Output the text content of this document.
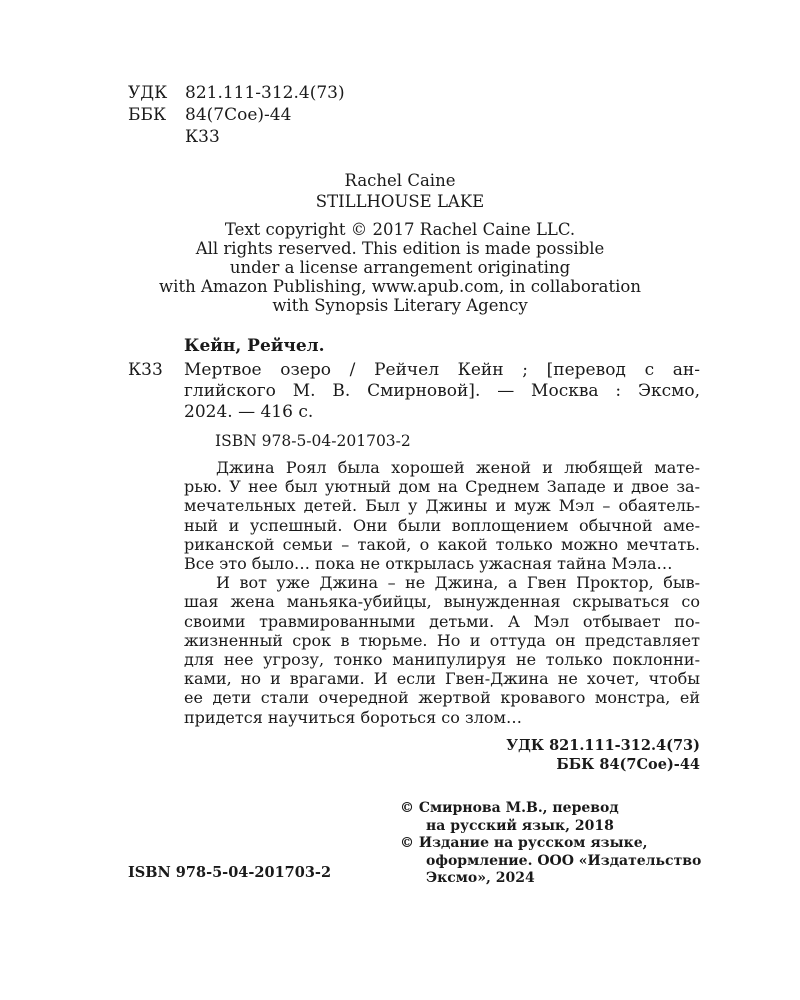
УДК	821.111-312.4(73)
ББК	84(7Сое)-44
К33
Rachel Caine
STILLHOUSE LAKE
Text copyright © 2017 Rachel Caine LLC.
All rights reserved. This edition is made possible
under a license arrangement originating
with Amazon Publishing, www.apub.com, in collaboration
with Synopsis Literary Agency
Кейн, Рейчел.
К33 Мертвое озеро / Рейчел Кейн ; [перевод с ан-
глийского М. В. Смирновой]. — Москва : Эксмо,
2024. — 416 с.
ISBN 978-5-04-201703-2
Джина Роял была хорошей женой и любящей мате-
рью. У нее был уютный дом на Среднем Западе и двое за-
мечательных детей. Был у Джины и муж Мэл – обаятель-
ный и успешный. Они были воплощением обычной аме-
риканской семьи – такой, о какой только можно мечтать.
Все это было… пока не открылась ужасная тайна Мэла…
И вот уже Джина – не Джина, а Гвен Проктор, быв-
шая жена маньяка-убийцы, вынужденная скрываться со
своими травмированными детьми. А Мэл отбывает по-
жизненный срок в тюрьме. Но и оттуда он представляет
для нее угрозу, тонко манипулируя не только поклонни-
ками, но и врагами. И если Гвен-Джина не хочет, чтобы
ее дети стали очередной жертвой кровавого монстра, ей
придется научиться бороться со злом…
УДК 821.111-312.4(73)
ББК 84(7Сое)-44
© Смирнова М.В., перевод
на русский язык, 2018
© Издание на русском языке,
оформление. ООО «Издательство
Эксмо», 2024
ISBN 978-5-04-201703-2
